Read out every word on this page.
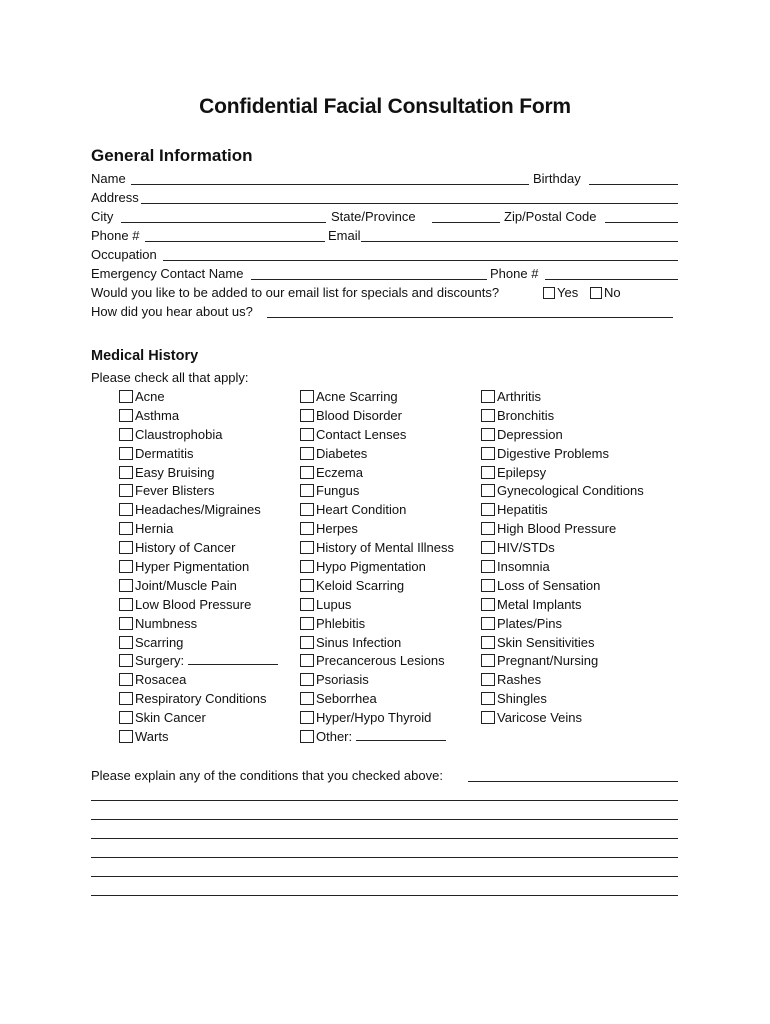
Confidential Facial Consultation Form
General Information
Name	Birthday
Address
City	State/Province	Zip/Postal Code
Phone #	Email
Occupation
Emergency Contact Name	Phone #
Would you like to be added to our email list for specials and discounts?	Yes	No
How did you hear about us?
Medical History
Please check all that apply:
Acne
Asthma
Claustrophobia
Dermatitis
Easy Bruising
Fever Blisters
Headaches/Migraines
Hernia
History of Cancer
Hyper Pigmentation
Joint/Muscle Pain
Low Blood Pressure
Numbness
Scarring
Surgery:
Rosacea
Respiratory Conditions
Skin Cancer
Warts
Acne Scarring
Blood Disorder
Contact Lenses
Diabetes
Eczema
Fungus
Heart Condition
Herpes
History of Mental Illness
Hypo Pigmentation
Keloid Scarring
Lupus
Phlebitis
Sinus Infection
Precancerous Lesions
Psoriasis
Seborrhea
Hyper/Hypo Thyroid
Other:
Arthritis
Bronchitis
Depression
Digestive Problems
Epilepsy
Gynecological Conditions
Hepatitis
High Blood Pressure
HIV/STDs
Insomnia
Loss of Sensation
Metal Implants
Plates/Pins
Skin Sensitivities
Pregnant/Nursing
Rashes
Shingles
Varicose Veins
Please explain any of the conditions that you checked above:
